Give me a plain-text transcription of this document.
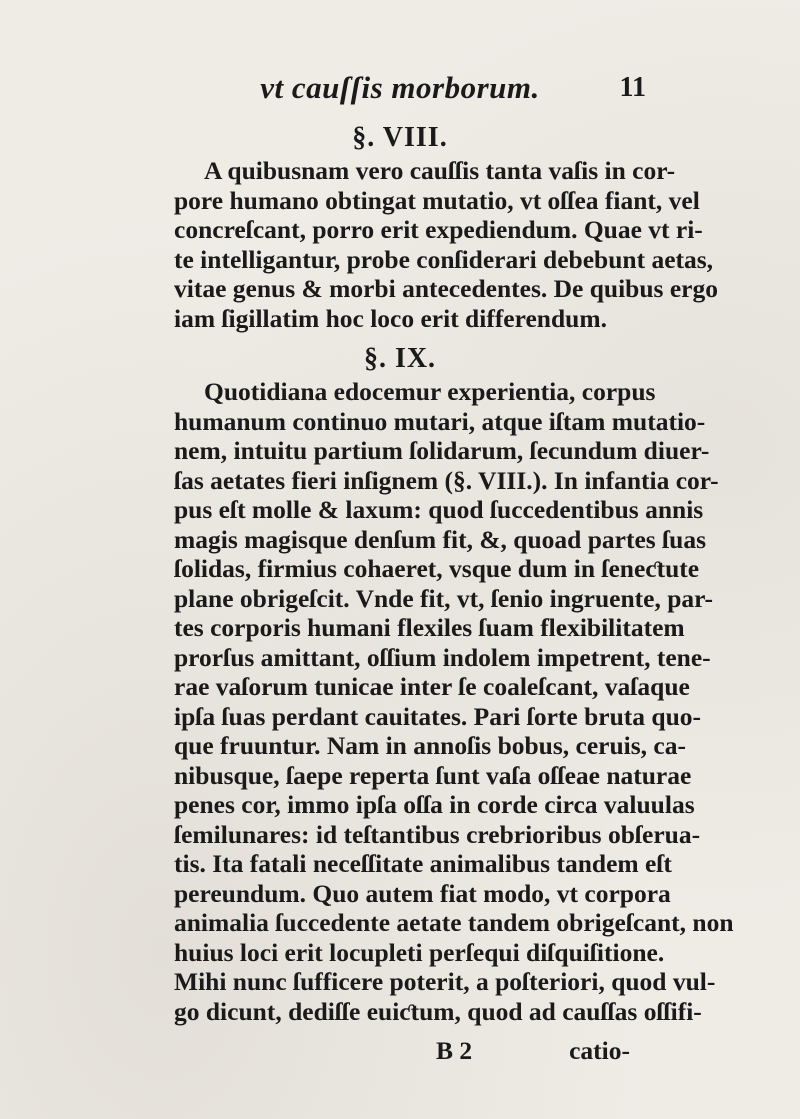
vt cauſſis morborum.	11
§. VIII.
A quibusnam vero cauſſis tanta vaſis in cor-
pore humano obtingat mutatio, vt oſſea fiant, vel
concreſcant, porro erit expediendum. Quae vt ri-
te intelligantur, probe conſiderari debebunt aetas,
vitae genus & morbi antecedentes. De quibus ergo
iam ſigillatim hoc loco erit differendum.
§. IX.
Quotidiana edocemur experientia, corpus
humanum continuo mutari, atque iſtam mutatio-
nem, intuitu partium ſolidarum, ſecundum diuer-
ſas aetates fieri inſignem (§. VIII.). In infantia cor-
pus eſt molle & laxum: quod ſuccedentibus annis
magis magisque denſum fit, &, quoad partes ſuas
ſolidas, firmius cohaeret, vsque dum in ſeneƈtute
plane obrigeſcit. Vnde fit, vt, ſenio ingruente, par-
tes corporis humani flexiles ſuam flexibilitatem
prorſus amittant, oſſium indolem impetrent, tene-
rae vaſorum tunicae inter ſe coaleſcant, vaſaque
ipſa ſuas perdant cauitates. Pari ſorte bruta quo-
que fruuntur. Nam in annoſis bobus, ceruis, ca-
nibusque, ſaepe reperta ſunt vaſa oſſeae naturae
penes cor, immo ipſa oſſa in corde circa valuulas
ſemilunares: id teſtantibus crebrioribus obſerua-
tis. Ita fatali neceſſitate animalibus tandem eſt
pereundum. Quo autem fiat modo, vt corpora
animalia ſuccedente aetate tandem obrigeſcant, non
huius loci erit locupleti perſequi diſquiſitione.
Mihi nunc ſufficere poterit, a poſteriori, quod vul-
go dicunt, dediſſe euiƈtum, quod ad cauſſas oſſifi-
B 2	catio-
